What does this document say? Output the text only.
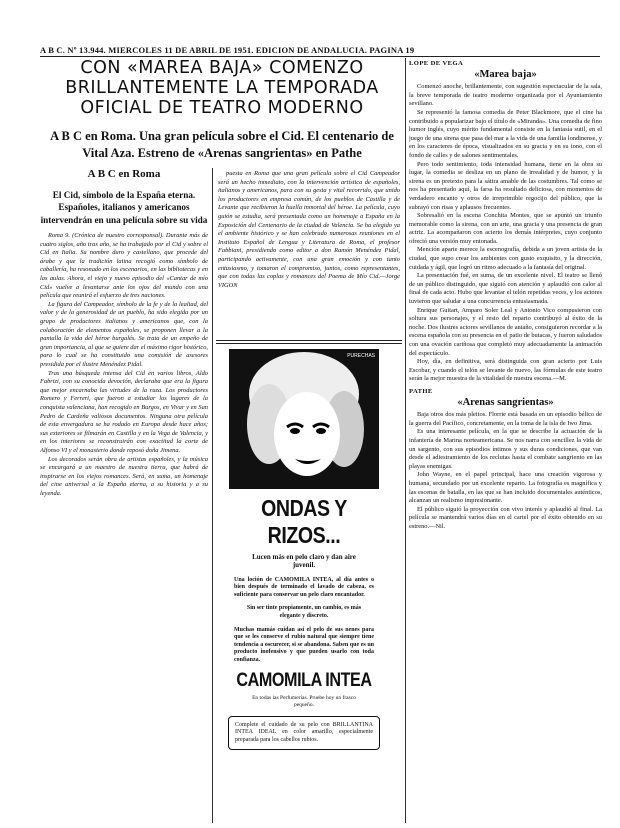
A B C. Nº 13.944. MIERCOLES 11 DE ABRIL DE 1951. EDICION DE ANDALUCIA. PAGINA 19
CON «MAREA BAJA» COMENZO BRILLANTEMENTE LA TEMPORADA OFICIAL DE TEATRO MODERNO
A B C en Roma. Una gran película sobre el Cid. El centenario de Vital Aza. Estreno de «Arenas sangrientas» en Pathe
A B C en Roma
El Cid, símbolo de la España eterna. Españoles, italianos y americanos intervendrán en una película sobre su vida

Roma 9. (Crónica de nuestro corresponsal). Durante más de cuatro siglos, año tras año, se ha trabajado por el Cid y sobre el Cid en Italia. Su nombre duro y castellano, que procede del árabe y que la tradición latina recogió como símbolo de caballería, ha resonado en los escenarios, en las bibliotecas y en las aulas. Ahora, el viejo y nuevo episodio del «Cantar de mío Cid» vuelve a levantarse ante los ojos del mundo con una película que reunirá el esfuerzo de tres naciones.

La figura del Campeador, símbolo de la fe y de la lealtad, del valor y de la generosidad de un pueblo, ha sido elegida por un grupo de productores italianos y americanos que, con la colaboración de elementos españoles, se proponen llevar a la pantalla la vida del héroe burgalés. Se trata de un empeño de gran importancia, al que se quiere dar el máximo rigor histórico, para lo cual se ha constituido una comisión de asesores presidida por el ilustre Menéndez Pidal.

Tras una búsqueda intensa del Cid en varios libros, Aldo Fabrizi, con su conocida devoción, declaraba que era la figura que mejor encarnaba las virtudes de la raza. Los productores Romero y Ferreri, que fueron a estudiar los lugares de la conquista valenciana, han recogido en Burgos, en Vivar y en San Pedro de Cardeña valiosos documentos. Ninguna otra película de esta envergadura se ha rodado en Europa desde hace años; sus exteriores se filmarán en Castilla y en la Vega de Valencia, y en los interiores se reconstruirán con exactitud la corte de Alfonso VI y el monasterio donde reposó doña Jimena.

Los decorados serán obra de artistas españoles, y la música se encargará a un maestro de nuestra tierra, que habrá de inspirarse en los viejos romances. Será, en suma, un homenaje del cine universal a la España eterna, a su historia y a su leyenda.

puesta en Roma que una gran película sobre el Cid Campeador será un hecho inmediato, con la intervención artística de españoles, italianos y americanos, para con su gesta y vital recorrido, que unido los productores en empresa común, de los pueblos de Castilla y de Levante que recibieron la huella inmortal del héroe. La película, cuyo guión se estudia, será presentada como un homenaje a España en la Exposición del Centenario de la ciudad de Valencia. Se ha elegido ya el ambiente histórico y se han celebrado numerosas reuniones en el Instituto Español de Lengua y Literatura de Roma, el profesor Fabbiani, presidiendo como editor a don Ramón Menéndez Pidal, participando activamente, con una gran emoción y con tanto entusiasmo, y tomaron el compromiso, juntos, como representantes, que con todas las coplas y romances del Poema de Mío Cid.—Jorge VIGON

PURECHAS
ONDAS Y RIZOS...
Lucen más en pelo claro y dan aire juvenil.
Una loción de CAMOMILA INTEA, al día antes o bien después de terminado el lavado de cabeza, es suficiente para conservar un pelo claro encantador.
Sin ser tinte propiamente, un cambio, es más elegante y discreto.
Muchas mamás cuidan así el pelo de sus nenes para que se les conserve el rubio natural que siempre tiene tendencia a oscurecer, si se abandona. Saben que es un producto inofensivo y que pueden usarlo con toda confianza.
CAMOMILA INTEA
En todas las Perfumerías. Pruebe hoy un frasco pequeño.
Complete el cuidado de su pelo con BRILLANTINA INTEA IDEAL en color amarillo, especialmente preparada para los cabellos rubios.
LOPE DE VEGA
«Marea baja»

Comenzó anoche, brillantemente, con sugestión espectacular de la sala, la breve temporada de teatro moderno organizada por el Ayuntamiento sevillano.

Se representó la famosa comedia de Peter Blackmore, que el cine ha contribuido a popularizar bajo el título de «Miranda». Una comedia de fino humor inglés, cuyo mérito fundamental consiste en la fantasía sutil, en el juego de una sirena que pasa del mar a la vida de una familia londinense, y en los caracteres de época, visualizados en su gracia y en su tono, con el fondo de calles y de salones sentimentales.

Pero todo sentimiento, toda intensidad humana, tiene en la obra su lugar, la comedia se desliza en un plano de irrealidad y de humor, y la sirena es un pretexto para la sátira amable de las costumbres. Tal como se nos ha presentado aquí, la farsa ha resultado deliciosa, con momentos de verdadero encanto y otros de irreprimible regocijo del público, que la subrayó con risas y aplausos frecuentes.

Sobresalió en la escena Conchita Montes, que se apuntó un triunfo memorable como la sirena, con un arte, una gracia y una presencia de gran actriz. La acompañaron con acierto los demás intérpretes, cuyo conjunto ofreció una versión muy entonada.

Mención aparte merece la escenografía, debida a un joven artista de la ciudad, que supo crear los ambientes con gusto exquisito, y la dirección, cuidada y ágil, que logró un ritmo adecuado a la fantasía del original.

La presentación fué, en suma, de un excelente nivel. El teatro se llenó de un público distinguido, que siguió con atención y aplaudió con calor al final de cada acto. Hubo que levantar el telón repetidas veces, y los actores tuvieron que saludar a una concurrencia entusiasmada.

Enrique Guitart, Amparo Soler Leal y Antonio Vico compusieron con soltura sus personajes, y el resto del reparto contribuyó al éxito de la noche. Dos ilustres actores sevillanos de antaño, consiguieron recordar a la escena española con su presencia en el patio de butacas, y fueron saludados con una ovación cariñosa que completó muy adecuadamente la animación del espectáculo.

Hoy, día, en definitiva, será distinguida con gran acierto por Luis Escobar, y cuando el telón se levante de nuevo, las fórmulas de este teatro serán la mejor muestra de la vitalidad de nuestra escena.—M.

PATHE
«Arenas sangrientas»

Baja otros dos más pleitos. Florrie está basada en un episodio bélico de la guerra del Pacífico, concretamente, en la toma de la isla de Iwo Jima.

Es una interesante película, en la que se describe la actuación de la infantería de Marina norteamericana. Se nos narra con sencillez la vida de un sargento, con sus episodios íntimos y sus duras condiciones, que van desde el adiestramiento de los reclutas hasta el combate sangriento en las playas enemigas.

John Wayne, en el papel principal, hace una creación vigorosa y humana, secundado por un excelente reparto. La fotografía es magnífica y las escenas de batalla, en las que se han incluido documentales auténticos, alcanzan un realismo impresionante.

El público siguió la proyección con vivo interés y aplaudió al final. La película se mantendrá varios días en el cartel por el éxito obtenido en su estreno.—Nil.
